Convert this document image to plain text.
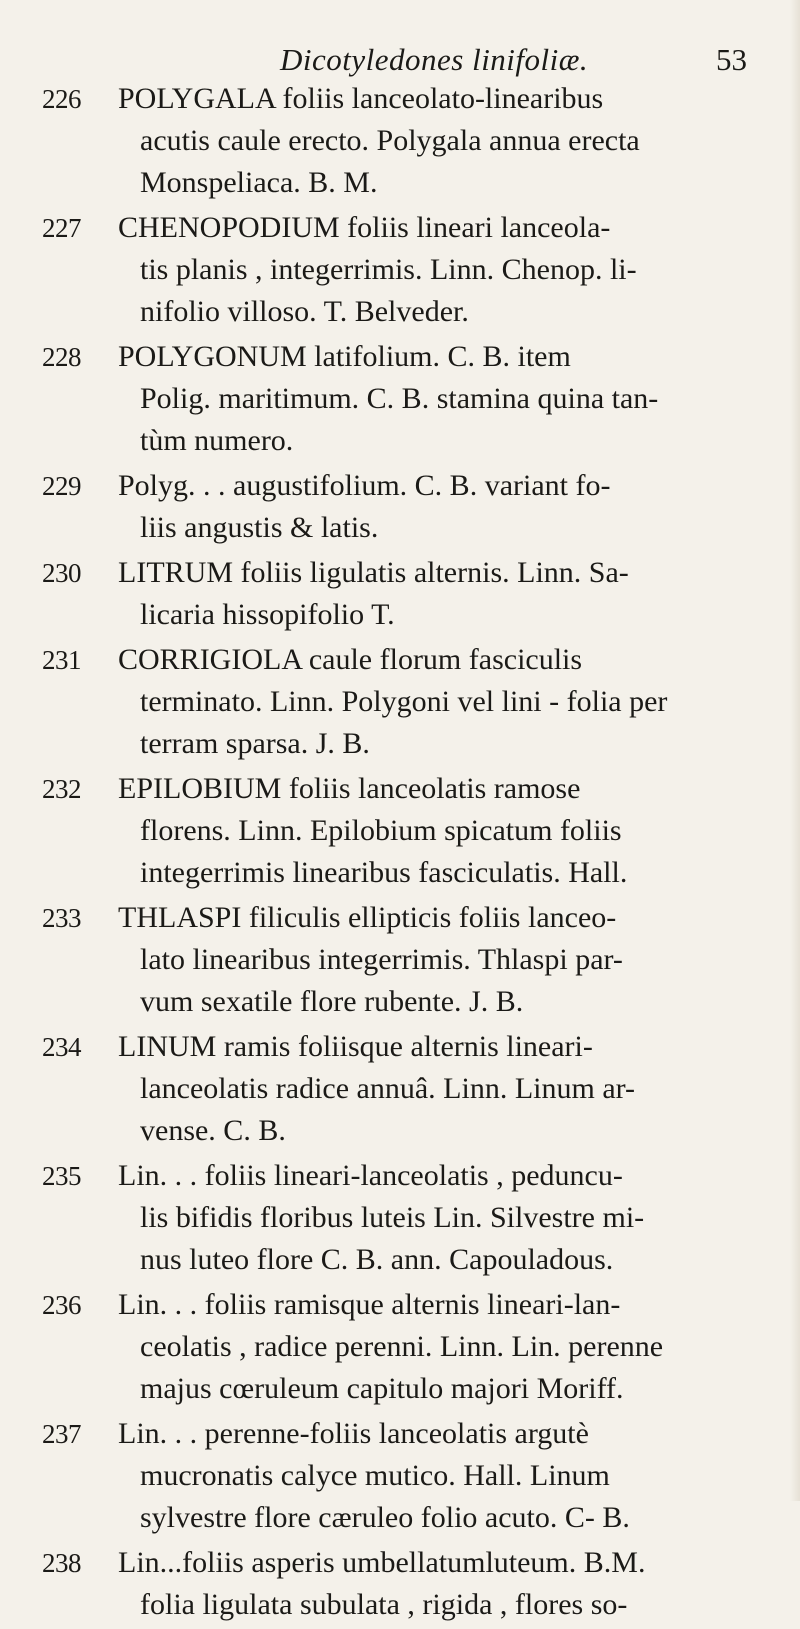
Dicotyledones linifoliæ.	53
226	POLYGALA foliis lanceolato-linearibus
acutis caule erecto. Polygala annua erecta
Monspeliaca. B. M.
227	CHENOPODIUM foliis lineari lanceola-
tis planis , integerrimis. Linn. Chenop. li-
nifolio villoso. T. Belveder.
228	POLYGONUM latifolium. C. B. item
Polig. maritimum. C. B. stamina quina tan-
tùm numero.
229	Polyg. . . augustifolium. C. B. variant fo-
liis angustis & latis.
230	LITRUM foliis ligulatis alternis. Linn. Sa-
licaria hissopifolio T.
231	CORRIGIOLA caule florum fasciculis
terminato. Linn. Polygoni vel lini - folia per
terram sparsa. J. B.
232	EPILOBIUM foliis lanceolatis ramose
florens. Linn. Epilobium spicatum foliis
integerrimis linearibus fasciculatis. Hall.
233	THLASPI filiculis ellipticis foliis lanceo-
lato linearibus integerrimis. Thlaspi par-
vum sexatile flore rubente. J. B.
234	LINUM ramis foliisque alternis lineari-
lanceolatis radice annuâ. Linn. Linum ar-
vense. C. B.
235	Lin. . . foliis lineari-lanceolatis , peduncu-
lis bifidis floribus luteis Lin. Silvestre mi-
nus luteo flore C. B. ann. Capouladous.
236	Lin. . . foliis ramisque alternis lineari-lan-
ceolatis , radice perenni. Linn. Lin. perenne
majus cœruleum capitulo majori Moriff.
237	Lin. . . perenne-foliis lanceolatis argutè
mucronatis calyce mutico. Hall. Linum
sylvestre flore cæruleo folio acuto. C- B.
238	Lin...foliis asperis umbellatumluteum. B.M.
folia ligulata subulata , rigida , flores so-
